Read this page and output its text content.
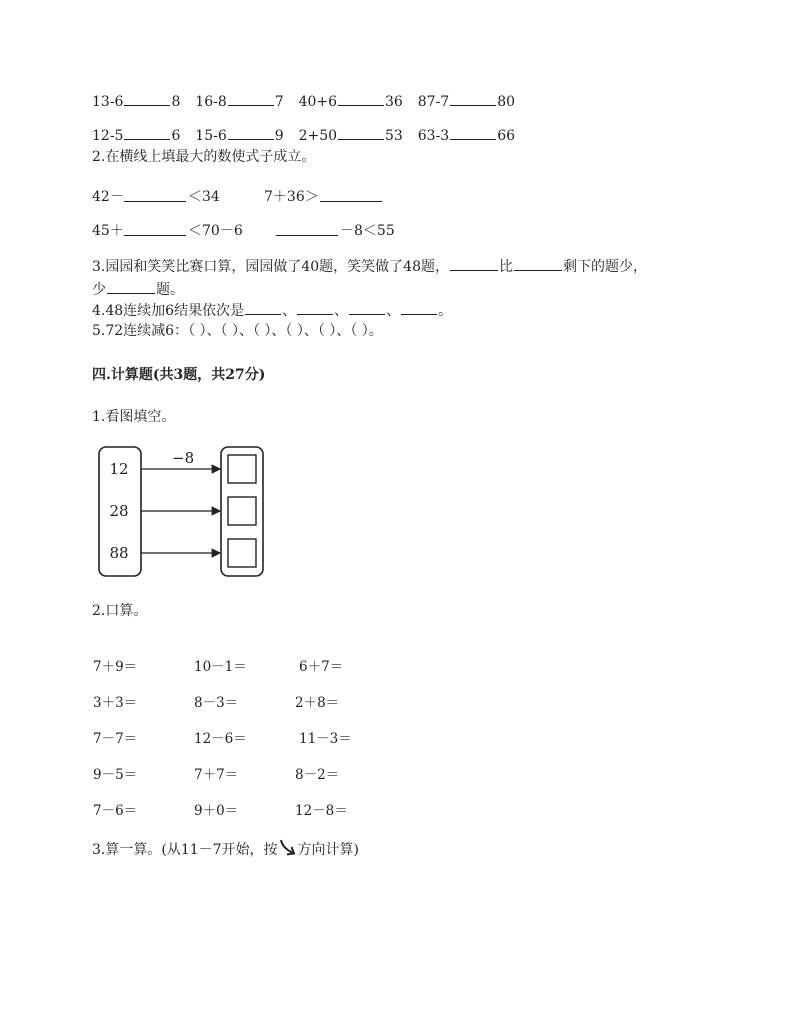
13-6	8 16-8	7 40+6	36 87-7	80
12-5	6 15-6	9 2+50	53 63-3	66
2.在横线上填最大的数使式子成立。
42－	＜34	7＋36＞
45＋	＜70－6	－8＜55
3.园园和笑笑比赛口算，园园做了40题，笑笑做了48题，	比	剩下的题少，
少	题。
4.48连续加6结果依次是	、	、	、	。
5.72连续减6：（ ）、（ ）、（ ）、（ ）、（ ）、（ ）。
四.计算题(共3题，共27分)
1.看图填空。
−8
12
28
88
2.口算。
7＋9＝	10－1＝	6＋7＝
3＋3＝	8－3＝	2＋8＝
7－7＝	12－6＝	11－3＝
9－5＝	7＋7＝	8－2＝
7－6＝	9＋0＝	12－8＝
3.算一算。(从11－7开始，按 方向计算)
